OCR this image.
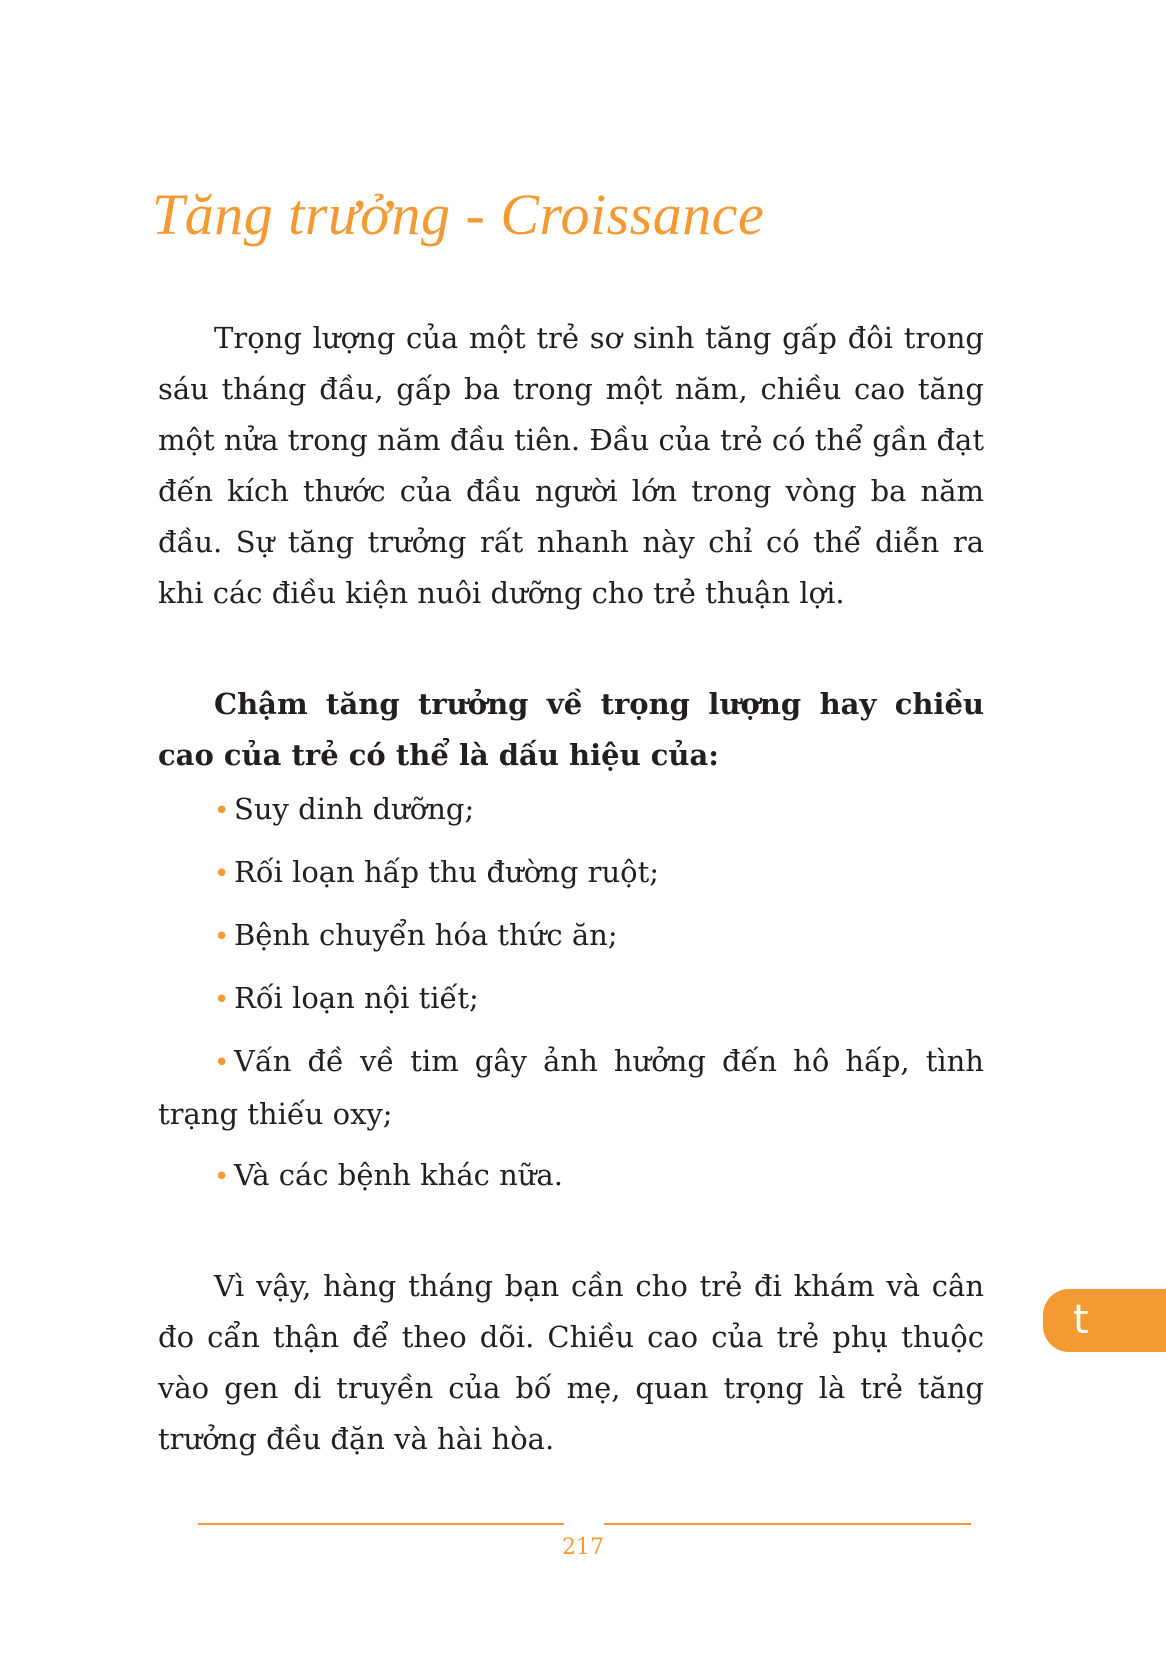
Tăng trưởng - Croissance

Trọng lượng của một trẻ sơ sinh tăng gấp đôi trong sáu tháng đầu, gấp ba trong một năm, chiều cao tăng một nửa trong năm đầu tiên. Đầu của trẻ có thể gần đạt đến kích thước của đầu người lớn trong vòng ba năm đầu. Sự tăng trưởng rất nhanh này chỉ có thể diễn ra khi các điều kiện nuôi dưỡng cho trẻ thuận lợi.

Chậm tăng trưởng về trọng lượng hay chiều cao của trẻ có thể là dấu hiệu của:

• Suy dinh dưỡng;
• Rối loạn hấp thu đường ruột;
• Bệnh chuyển hóa thức ăn;
• Rối loạn nội tiết;
• Vấn đề về tim gây ảnh hưởng đến hô hấp, tình trạng thiếu oxy;
• Và các bệnh khác nữa.

Vì vậy, hàng tháng bạn cần cho trẻ đi khám và cân đo cẩn thận để theo dõi. Chiều cao của trẻ phụ thuộc vào gen di truyền của bố mẹ, quan trọng là trẻ tăng trưởng đều đặn và hài hòa.

t
217
